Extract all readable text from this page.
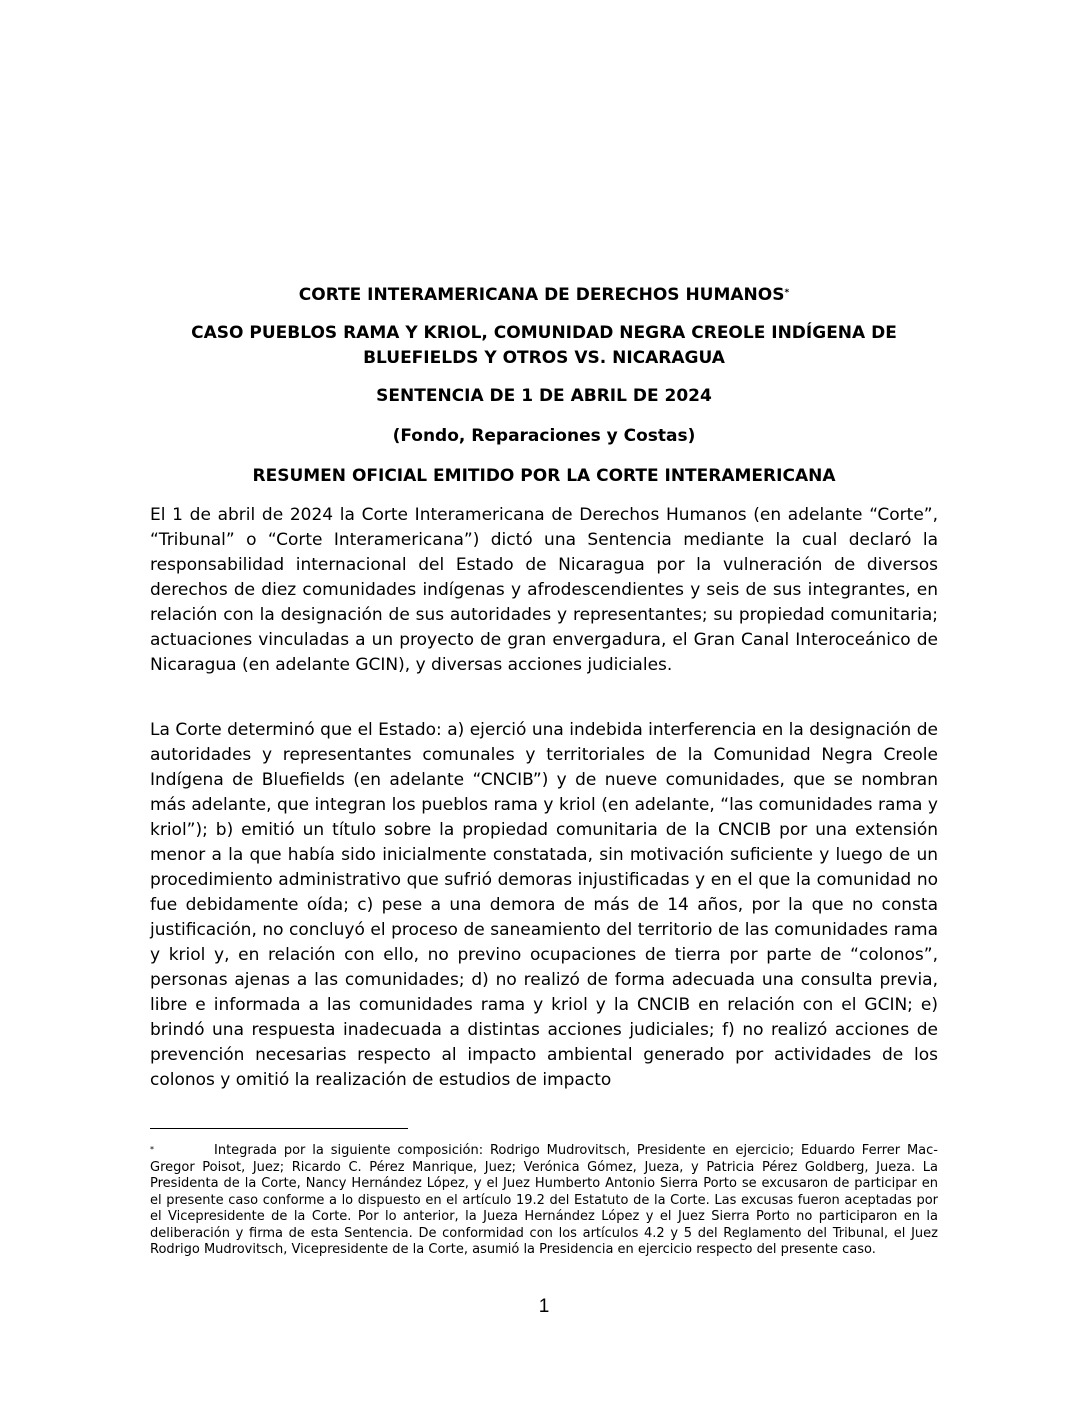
CORTE INTERAMERICANA DE DERECHOS HUMANOS*

CASO PUEBLOS RAMA Y KRIOL, COMUNIDAD NEGRA CREOLE INDÍGENA DE BLUEFIELDS Y OTROS VS. NICARAGUA

SENTENCIA DE 1 DE ABRIL DE 2024

(Fondo, Reparaciones y Costas)

RESUMEN OFICIAL EMITIDO POR LA CORTE INTERAMERICANA

El 1 de abril de 2024 la Corte Interamericana de Derechos Humanos (en adelante “Corte”, “Tribunal” o “Corte Interamericana”) dictó una Sentencia mediante la cual declaró la responsabilidad internacional del Estado de Nicaragua por la vulneración de diversos derechos de diez comunidades indígenas y afrodescendientes y seis de sus integrantes, en relación con la designación de sus autoridades y representantes; su propiedad comunitaria; actuaciones vinculadas a un proyecto de gran envergadura, el Gran Canal Interoceánico de Nicaragua (en adelante GCIN), y diversas acciones judiciales.

La Corte determinó que el Estado: a) ejerció una indebida interferencia en la designación de autoridades y representantes comunales y territoriales de la Comunidad Negra Creole Indígena de Bluefields (en adelante “CNCIB”) y de nueve comunidades, que se nombran más adelante, que integran los pueblos rama y kriol (en adelante, “las comunidades rama y kriol”); b) emitió un título sobre la propiedad comunitaria de la CNCIB por una extensión menor a la que había sido inicialmente constatada, sin motivación suficiente y luego de un procedimiento administrativo que sufrió demoras injustificadas y en el que la comunidad no fue debidamente oída; c) pese a una demora de más de 14 años, por la que no consta justificación, no concluyó el proceso de saneamiento del territorio de las comunidades rama y kriol y, en relación con ello, no previno ocupaciones de tierra por parte de “colonos”, personas ajenas a las comunidades; d) no realizó de forma adecuada una consulta previa, libre e informada a las comunidades rama y kriol y la CNCIB en relación con el GCIN; e) brindó una respuesta inadecuada a distintas acciones judiciales; f) no realizó acciones de prevención necesarias respecto al impacto ambiental generado por actividades de los colonos y omitió la realización de estudios de impacto

*	Integrada por la siguiente composición: Rodrigo Mudrovitsch, Presidente en ejercicio; Eduardo Ferrer Mac-Gregor Poisot, Juez; Ricardo C. Pérez Manrique, Juez; Verónica Gómez, Jueza, y Patricia Pérez Goldberg, Jueza. La Presidenta de la Corte, Nancy Hernández López, y el Juez Humberto Antonio Sierra Porto se excusaron de participar en el presente caso conforme a lo dispuesto en el artículo 19.2 del Estatuto de la Corte. Las excusas fueron aceptadas por el Vicepresidente de la Corte. Por lo anterior, la Jueza Hernández López y el Juez Sierra Porto no participaron en la deliberación y firma de esta Sentencia. De conformidad con los artículos 4.2 y 5 del Reglamento del Tribunal, el Juez Rodrigo Mudrovitsch, Vicepresidente de la Corte, asumió la Presidencia en ejercicio respecto del presente caso.

1
